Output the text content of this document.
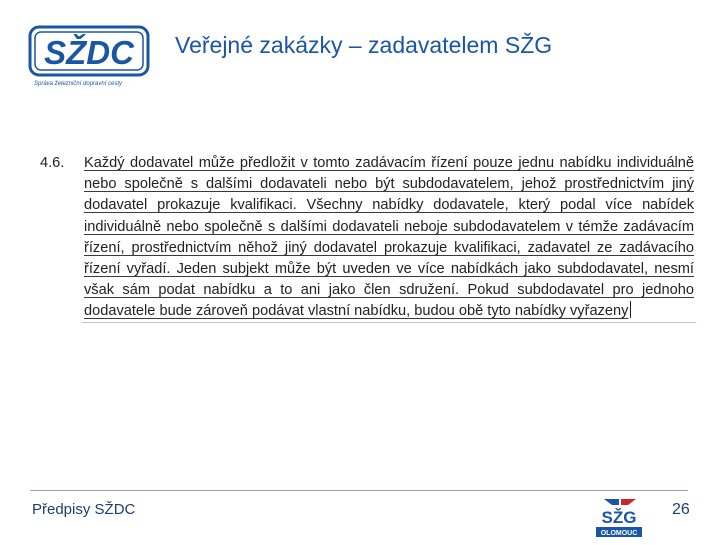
SŽDC
Správa železniční dopravní cesty
Veřejné zakázky – zadavatelem SŽG
4.6. Každý dodavatel může předložit v tomto zadávacím řízení pouze jednu nabídku individuálně nebo společně s dalšími dodavateli nebo být subdodavatelem, jehož prostřednictvím jiný dodavatel prokazuje kvalifikaci. Všechny nabídky dodavatele, který podal více nabídek individuálně nebo společně s dalšími dodavateli neboje subdodavatelem v témže zadávacím řízení, prostřednictvím něhož jiný dodavatel prokazuje kvalifikaci, zadavatel ze zadávacího řízení vyřadí. Jeden subjekt může být uveden ve více nabídkách jako subdodavatel, nesmí však sám podat nabídku a to ani jako člen sdružení. Pokud subdodavatel pro jednoho dodavatele bude zároveň podávat vlastní nabídku, budou obě tyto nabídky vyřazeny
Předpisy SŽDC	SŽG
OLOMOUC
26
